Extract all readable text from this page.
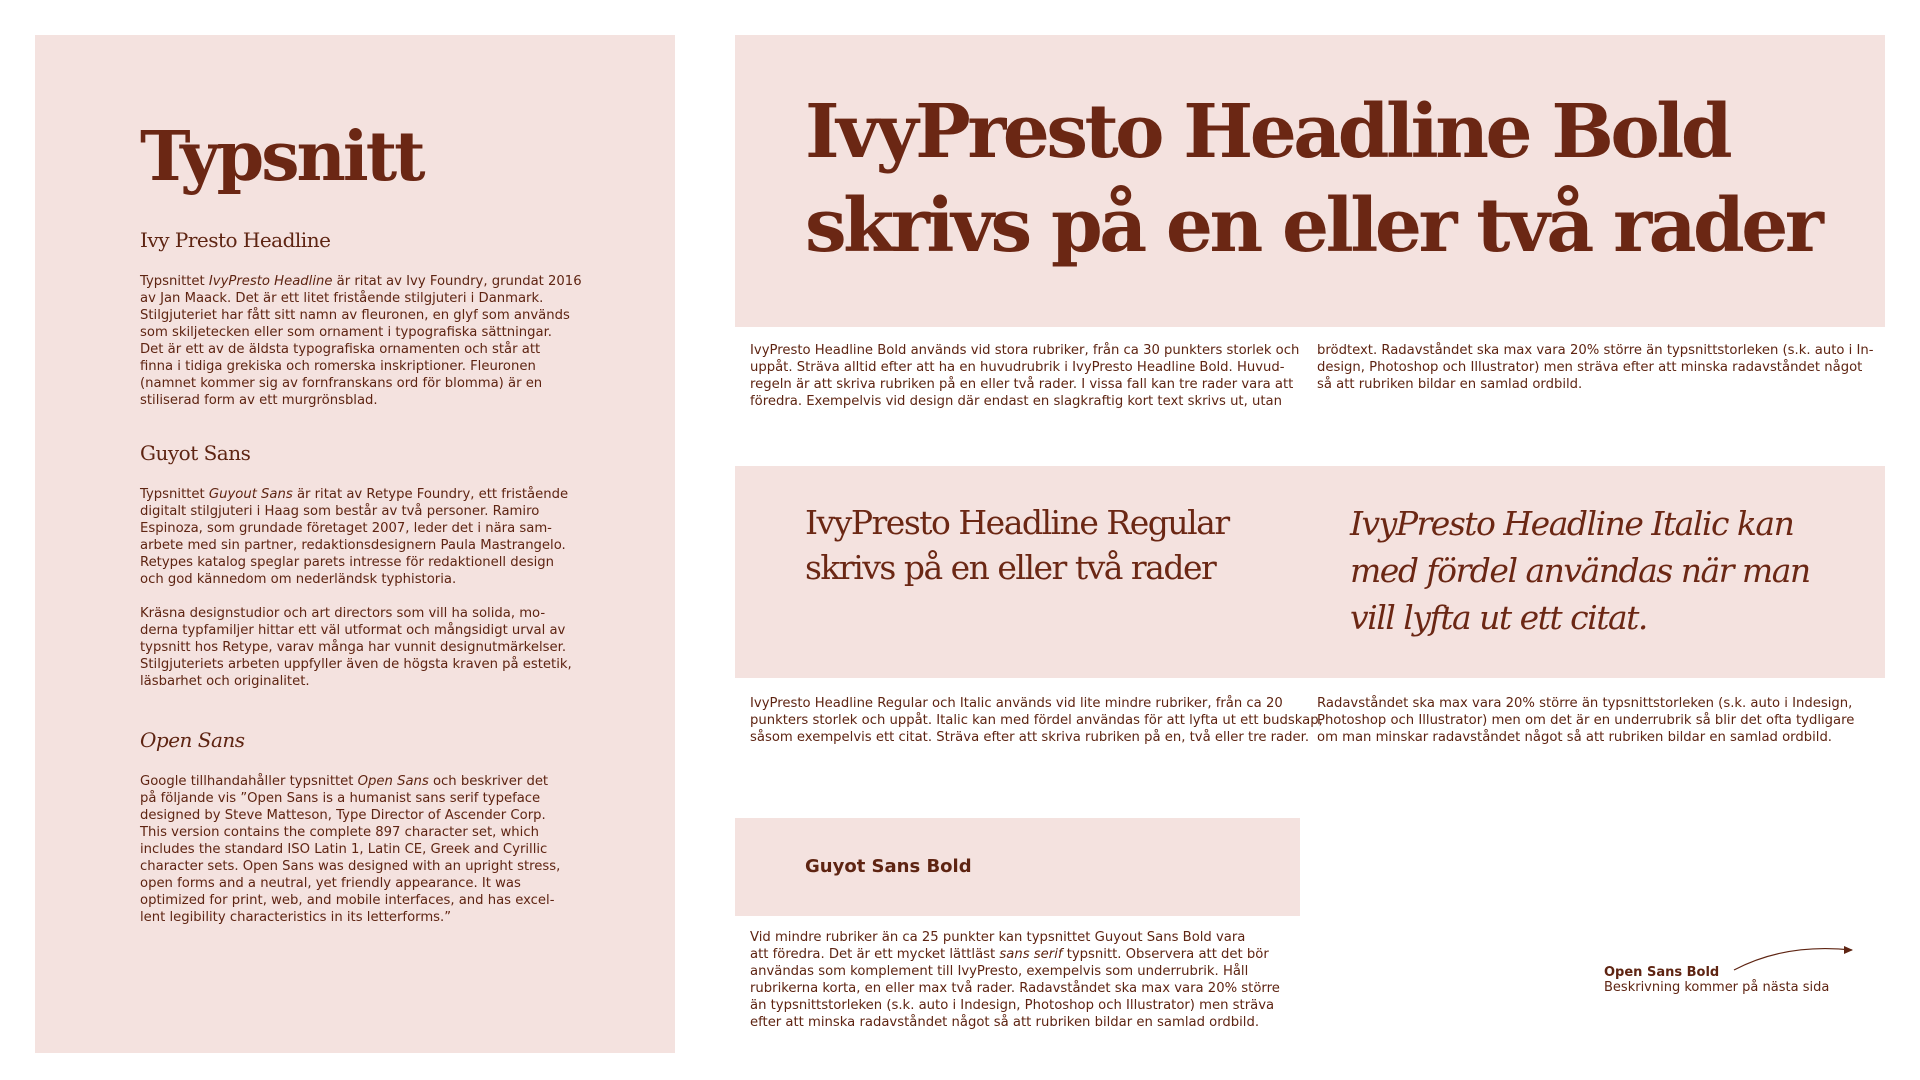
Typsnitt
Ivy Presto Headline
Typsnittet IvyPresto Headline är ritat av Ivy Foundry, grundat 2016
av Jan Maack. Det är ett litet fristående stilgjuteri i Danmark.
Stilgjuteriet har fått sitt namn av fleuronen, en glyf som används
som skiljetecken eller som ornament i typografiska sättningar.
Det är ett av de äldsta typografiska ornamenten och står att
finna i tidiga grekiska och romerska inskriptioner. Fleuronen
(namnet kommer sig av fornfranskans ord för blomma) är en
stiliserad form av ett murgrönsblad.
Guyot Sans
Typsnittet Guyout Sans är ritat av Retype Foundry, ett fristående
digitalt stilgjuteri i Haag som består av två personer. Ramiro
Espinoza, som grundade företaget 2007, leder det i nära sam-
arbete med sin partner, redaktionsdesignern Paula Mastrangelo.
Retypes katalog speglar parets intresse för redaktionell design
och god kännedom om nederländsk typhistoria.
Kräsna designstudior och art directors som vill ha solida, mo-
derna typfamiljer hittar ett väl utformat och mångsidigt urval av
typsnitt hos Retype, varav många har vunnit designutmärkelser.
Stilgjuteriets arbeten uppfyller även de högsta kraven på estetik,
läsbarhet och originalitet.
Open Sans
Google tillhandahåller typsnittet Open Sans och beskriver det
på följande vis ”Open Sans is a humanist sans serif typeface
designed by Steve Matteson, Type Director of Ascender Corp.
This version contains the complete 897 character set, which
includes the standard ISO Latin 1, Latin CE, Greek and Cyrillic
character sets. Open Sans was designed with an upright stress,
open forms and a neutral, yet friendly appearance. It was
optimized for print, web, and mobile interfaces, and has excel-
lent legibility characteristics in its letterforms.”
IvyPresto Headline Bold
skrivs på en eller två rader
IvyPresto Headline Bold används vid stora rubriker, från ca 30 punkters storlek och
uppåt. Sträva alltid efter att ha en huvudrubrik i IvyPresto Headline Bold. Huvud-
regeln är att skriva rubriken på en eller två rader. I vissa fall kan tre rader vara att
föredra. Exempelvis vid design där endast en slagkraftig kort text skrivs ut, utan
brödtext. Radavståndet ska max vara 20% större än typsnittstorleken (s.k. auto i In-
design, Photoshop och Illustrator) men sträva efter att minska radavståndet något
så att rubriken bildar en samlad ordbild.
IvyPresto Headline Regular
skrivs på en eller två rader
IvyPresto Headline Italic kan
med fördel användas när man
vill lyfta ut ett citat.
IvyPresto Headline Regular och Italic används vid lite mindre rubriker, från ca 20
punkters storlek och uppåt. Italic kan med fördel användas för att lyfta ut ett budskap,
såsom exempelvis ett citat. Sträva efter att skriva rubriken på en, två eller tre rader.
Radavståndet ska max vara 20% större än typsnittstorleken (s.k. auto i Indesign,
Photoshop och Illustrator) men om det är en underrubrik så blir det ofta tydligare
om man minskar radavståndet något så att rubriken bildar en samlad ordbild.
Guyot Sans Bold
Vid mindre rubriker än ca 25 punkter kan typsnittet Guyout Sans Bold vara
att föredra. Det är ett mycket lättläst sans serif typsnitt. Observera att det bör
användas som komplement till IvyPresto, exempelvis som underrubrik. Håll
rubrikerna korta, en eller max två rader. Radavståndet ska max vara 20% större
än typsnittstorleken (s.k. auto i Indesign, Photoshop och Illustrator) men sträva
efter att minska radavståndet något så att rubriken bildar en samlad ordbild.
Open Sans Bold
Beskrivning kommer på nästa sida
